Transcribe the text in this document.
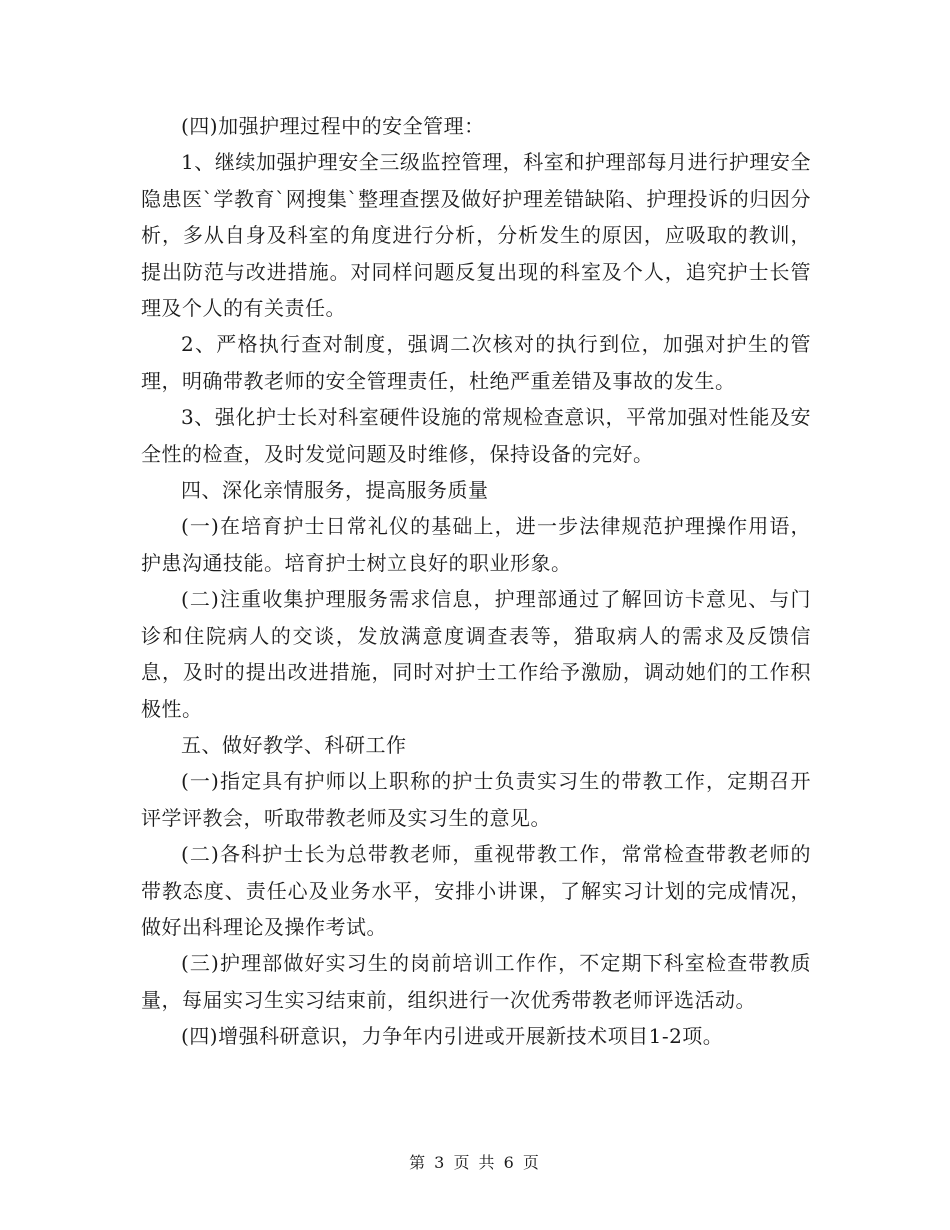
(四)加强护理过程中的安全管理：

1、继续加强护理安全三级监控管理，科室和护理部每月进行护理安全隐患医`学教育`网搜集`整理查摆及做好护理差错缺陷、护理投诉的归因分析，多从自身及科室的角度进行分析，分析发生的原因，应吸取的教训，提出防范与改进措施。对同样问题反复出现的科室及个人，追究护士长管理及个人的有关责任。

2、严格执行查对制度，强调二次核对的执行到位，加强对护生的管理，明确带教老师的安全管理责任，杜绝严重差错及事故的发生。

3、强化护士长对科室硬件设施的常规检查意识，平常加强对性能及安全性的检查，及时发觉问题及时维修，保持设备的完好。

四、深化亲情服务，提高服务质量

(一)在培育护士日常礼仪的基础上，进一步法律规范护理操作用语，护患沟通技能。培育护士树立良好的职业形象。

(二)注重收集护理服务需求信息，护理部通过了解回访卡意见、与门诊和住院病人的交谈，发放满意度调查表等，猎取病人的需求及反馈信息，及时的提出改进措施，同时对护士工作给予激励，调动她们的工作积极性。

五、做好教学、科研工作

(一)指定具有护师以上职称的护士负责实习生的带教工作，定期召开评学评教会，听取带教老师及实习生的意见。

(二)各科护士长为总带教老师，重视带教工作，常常检查带教老师的带教态度、责任心及业务水平，安排小讲课，了解实习计划的完成情况，做好出科理论及操作考试。

(三)护理部做好实习生的岗前培训工作作，不定期下科室检查带教质量，每届实习生实习结束前，组织进行一次优秀带教老师评选活动。

(四)增强科研意识，力争年内引进或开展新技术项目1-2项。

第 3 页 共 6 页
